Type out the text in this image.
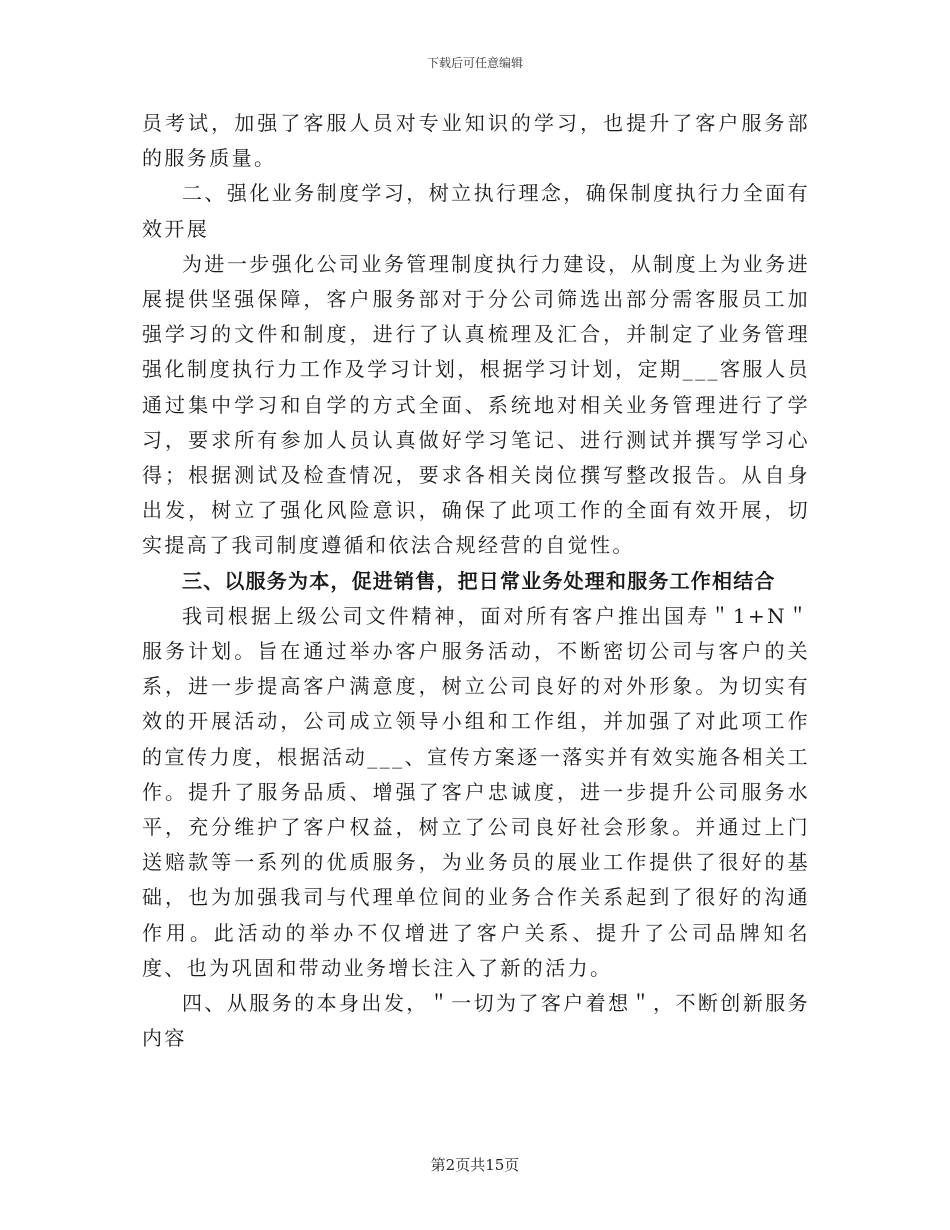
下载后可任意编辑

员考试，加强了客服人员对专业知识的学习，也提升了客户服务部的服务质量。

二、强化业务制度学习，树立执行理念，确保制度执行力全面有效开展

为进一步强化公司业务管理制度执行力建设，从制度上为业务进展提供坚强保障，客户服务部对于分公司筛选出部分需客服员工加强学习的文件和制度，进行了认真梳理及汇合，并制定了业务管理强化制度执行力工作及学习计划，根据学习计划，定期___客服人员通过集中学习和自学的方式全面、系统地对相关业务管理进行了学习，要求所有参加人员认真做好学习笔记、进行测试并撰写学习心得；根据测试及检查情况，要求各相关岗位撰写整改报告。从自身出发，树立了强化风险意识，确保了此项工作的全面有效开展，切实提高了我司制度遵循和依法合规经营的自觉性。

三、以服务为本，促进销售，把日常业务处理和服务工作相结合

我司根据上级公司文件精神，面对所有客户推出国寿＂1+N＂服务计划。旨在通过举办客户服务活动，不断密切公司与客户的关系，进一步提高客户满意度，树立公司良好的对外形象。为切实有效的开展活动，公司成立领导小组和工作组，并加强了对此项工作的宣传力度，根据活动___、宣传方案逐一落实并有效实施各相关工作。提升了服务品质、增强了客户忠诚度，进一步提升公司服务水平，充分维护了客户权益，树立了公司良好社会形象。并通过上门送赔款等一系列的优质服务，为业务员的展业工作提供了很好的基础，也为加强我司与代理单位间的业务合作关系起到了很好的沟通作用。此活动的举办不仅增进了客户关系、提升了公司品牌知名度、也为巩固和带动业务增长注入了新的活力。

四、从服务的本身出发，＂一切为了客户着想＂，不断创新服务内容

第2页共15页
